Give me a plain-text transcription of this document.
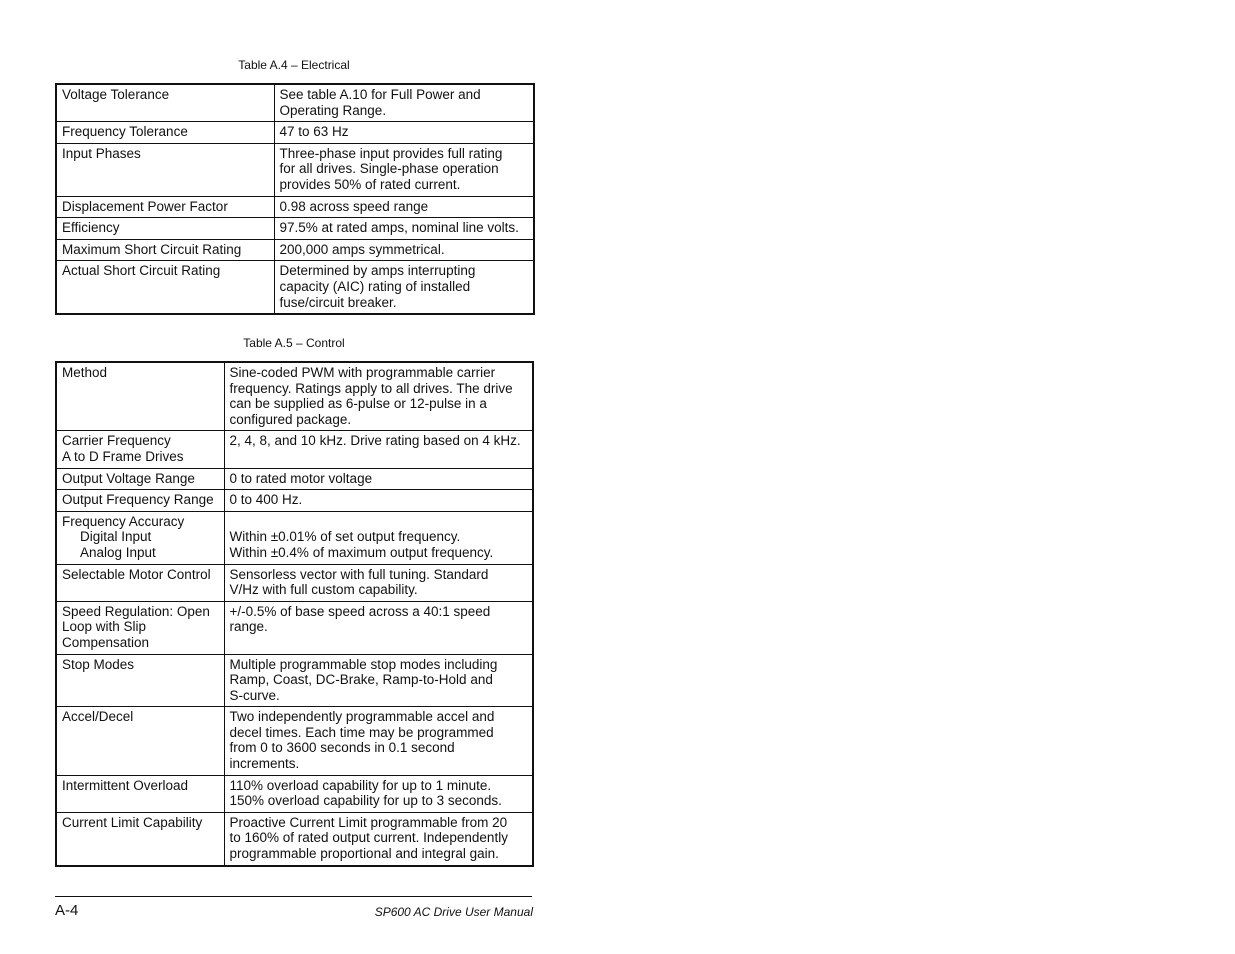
Table A.4 – Electrical
Voltage Tolerance	See table A.10 for Full Power and
Operating Range.

Frequency Tolerance	47 to 63 Hz

Input Phases	Three-phase input provides full rating
for all drives. Single-phase operation
provides 50% of rated current.

Displacement Power Factor	0.98 across speed range

Efficiency	97.5% at rated amps, nominal line volts.

Maximum Short Circuit Rating	200,000 amps symmetrical.

Actual Short Circuit Rating	Determined by amps interrupting
capacity (AIC) rating of installed
fuse/circuit breaker.
Table A.5 – Control
Method	Sine-coded PWM with programmable carrier
frequency. Ratings apply to all drives. The drive
can be supplied as 6-pulse or 12-pulse in a
configured package.

Carrier Frequency
A to D Frame Drives	2, 4, 8, and 10 kHz. Drive rating based on 4 kHz.

Output Voltage Range	0 to rated motor voltage

Output Frequency Range	0 to 400 Hz.

Frequency Accuracy
Digital Input
Analog Input	Within ±0.01% of set output frequency.
Within ±0.4% of maximum output frequency.

Selectable Motor Control	Sensorless vector with full tuning. Standard
V/Hz with full custom capability.

Speed Regulation: Open
Loop with Slip
Compensation	+/-0.5% of base speed across a 40:1 speed
range.

Stop Modes	Multiple programmable stop modes including
Ramp, Coast, DC-Brake, Ramp-to-Hold and
S-curve.

Accel/Decel	Two independently programmable accel and
decel times. Each time may be programmed
from 0 to 3600 seconds in 0.1 second
increments.

Intermittent Overload	110% overload capability for up to 1 minute.
150% overload capability for up to 3 seconds.

Current Limit Capability	Proactive Current Limit programmable from 20
to 160% of rated output current. Independently
programmable proportional and integral gain.
A-4	SP600 AC Drive User Manual
